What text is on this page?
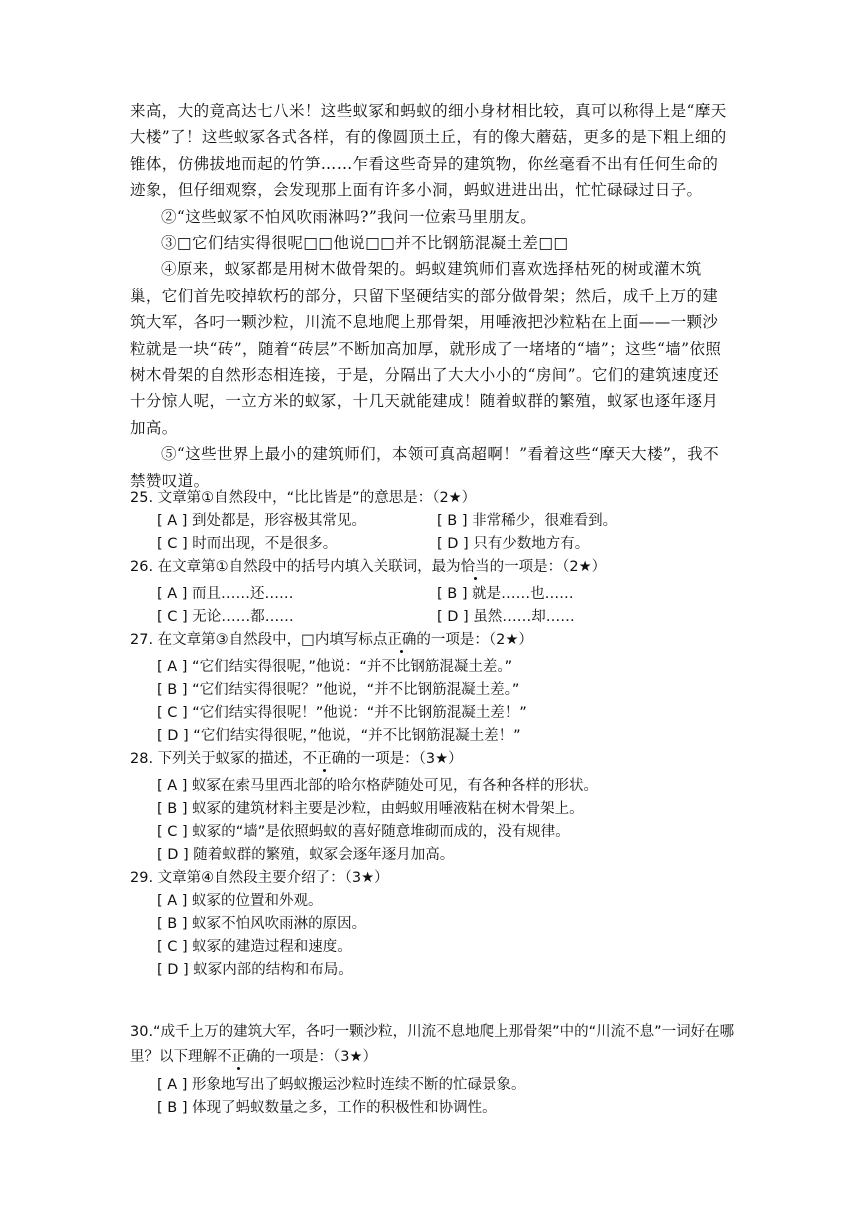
来高，大的竟高达七八米！这些蚁冢和蚂蚁的细小身材相比较，真可以称得上是“摩天大楼”了！这些蚁冢各式各样，有的像圆顶土丘，有的像大蘑菇，更多的是下粗上细的锥体，仿佛拔地而起的竹笋……乍看这些奇异的建筑物，你丝毫看不出有任何生命的迹象，但仔细观察，会发现那上面有许多小洞，蚂蚁进进出出，忙忙碌碌过日子。

②“这些蚁冢不怕风吹雨淋吗?”我问一位索马里朋友。

③□它们结实得很呢□□他说□□并不比钢筋混凝土差□□

④原来，蚁冢都是用树木做骨架的。蚂蚁建筑师们喜欢选择枯死的树或灌木筑巢，它们首先咬掉软朽的部分，只留下坚硬结实的部分做骨架；然后，成千上万的建筑大军，各叼一颗沙粒，川流不息地爬上那骨架，用唾液把沙粒粘在上面——一颗沙粒就是一块“砖”，随着“砖层”不断加高加厚，就形成了一堵堵的“墙”；这些“墙”依照树木骨架的自然形态相连接，于是，分隔出了大大小小的“房间”。它们的建筑速度还十分惊人呢，一立方米的蚁冢，十几天就能建成！随着蚁群的繁殖，蚁冢也逐年逐月加高。

⑤“这些世界上最小的建筑师们，本领可真高超啊！”看着这些“摩天大楼”，我不禁赞叹道。

25. 文章第①自然段中，“比比皆是”的意思是：（2★）
[ A ] 到处都是，形容极其常见。	[ B ] 非常稀少，很难看到。
[ C ] 时而出现，不是很多。	[ D ] 只有少数地方有。
26. 在文章第①自然段中的括号内填入关联词，最为恰当的一项是：（2★）
[ A ] 而且……还……	[ B ] 就是……也……
[ C ] 无论……都……	[ D ] 虽然……却……
27. 在文章第③自然段中，□内填写标点正确的一项是：（2★）
[ A ] “它们结实得很呢，”他说：“并不比钢筋混凝土差。”
[ B ] “它们结实得很呢？”他说，“并不比钢筋混凝土差。”
[ C ] “它们结实得很呢！”他说：“并不比钢筋混凝土差！”
[ D ] “它们结实得很呢，”他说，“并不比钢筋混凝土差！”
28. 下列关于蚁冢的描述，不正确的一项是：（3★）
[ A ] 蚁冢在索马里西北部的哈尔格萨随处可见，有各种各样的形状。
[ B ] 蚁冢的建筑材料主要是沙粒，由蚂蚁用唾液粘在树木骨架上。
[ C ] 蚁冢的“墙”是依照蚂蚁的喜好随意堆砌而成的，没有规律。
[ D ] 随着蚁群的繁殖，蚁冢会逐年逐月加高。
29. 文章第④自然段主要介绍了：（3★）
[ A ] 蚁冢的位置和外观。
[ B ] 蚁冢不怕风吹雨淋的原因。
[ C ] 蚁冢的建造过程和速度。
[ D ] 蚁冢内部的结构和布局。
30.“成千上万的建筑大军，各叼一颗沙粒，川流不息地爬上那骨架”中的“川流不息”一词好在哪里？以下理解不正确的一项是：（3★）
[ A ] 形象地写出了蚂蚁搬运沙粒时连续不断的忙碌景象。
[ B ] 体现了蚂蚁数量之多，工作的积极性和协调性。
